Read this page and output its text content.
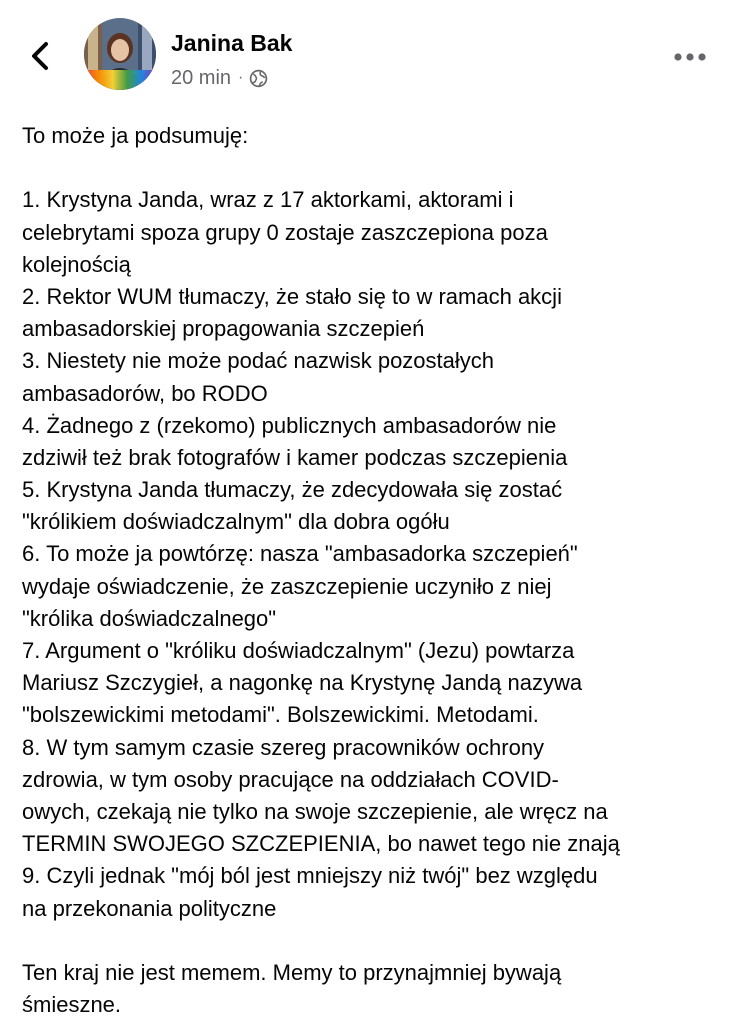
Janina Bak
20 min ·
To może ja podsumuję:
1. Krystyna Janda, wraz z 17 aktorkami, aktorami i
celebrytami spoza grupy 0 zostaje zaszczepiona poza
kolejnością
2. Rektor WUM tłumaczy, że stało się to w ramach akcji
ambasadorskiej propagowania szczepień
3. Niestety nie może podać nazwisk pozostałych
ambasadorów, bo RODO
4. Żadnego z (rzekomo) publicznych ambasadorów nie
zdziwił też brak fotografów i kamer podczas szczepienia
5. Krystyna Janda tłumaczy, że zdecydowała się zostać
"królikiem doświadczalnym" dla dobra ogółu
6. To może ja powtórzę: nasza "ambasadorka szczepień"
wydaje oświadczenie, że zaszczepienie uczyniło z niej
"królika doświadczalnego"
7. Argument o "króliku doświadczalnym" (Jezu) powtarza
Mariusz Szczygieł, a nagonkę na Krystynę Jandą nazywa
"bolszewickimi metodami". Bolszewickimi. Metodami.
8. W tym samym czasie szereg pracowników ochrony
zdrowia, w tym osoby pracujące na oddziałach COVID-
owych, czekają nie tylko na swoje szczepienie, ale wręcz na
TERMIN SWOJEGO SZCZEPIENIA, bo nawet tego nie znają
9. Czyli jednak "mój ból jest mniejszy niż twój" bez względu
na przekonania polityczne
Ten kraj nie jest memem. Memy to przynajmniej bywają
śmieszne.
